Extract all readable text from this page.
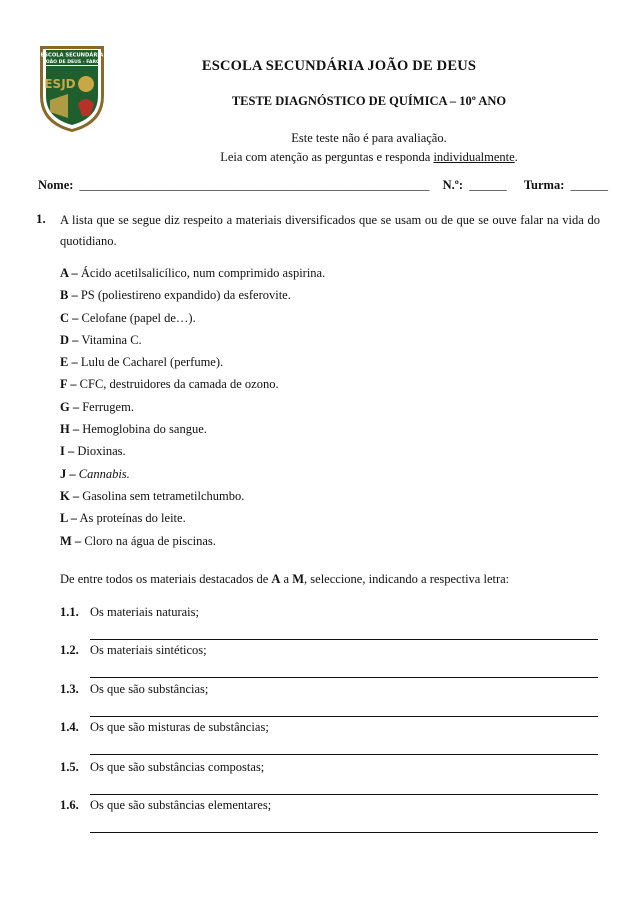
ESCOLA SECUNDÁRIA
JOÃO DE DEUS - FARO
ESJD
ESCOLA SECUNDÁRIA JOÃO DE DEUS
TESTE DIAGNÓSTICO DE QUÍMICA – 10º ANO
Este teste não é para avaliação.
Leia com atenção as perguntas e responda individualmente.
Nome: ________________________________________________________ N.º: ______ Turma: ______
1. A lista que se segue diz respeito a materiais diversificados que se usam ou de que se ouve falar na vida do quotidiano.
A – Ácido acetilsalicílico, num comprimido aspirina.
B – PS (poliestireno expandido) da esferovite.
C – Celofane (papel de…).
D – Vitamina C.
E – Lulu de Cacharel (perfume).
F – CFC, destruidores da camada de ozono.
G – Ferrugem.
H – Hemoglobina do sangue.
I – Dioxinas.
J – Cannabis.
K – Gasolina sem tetrametilchumbo.
L – As proteínas do leite.
M – Cloro na água de piscinas.
De entre todos os materiais destacados de A a M, seleccione, indicando a respectiva letra:
1.1. Os materiais naturais;
1.2. Os materiais sintéticos;
1.3. Os que são substâncias;
1.4. Os que são misturas de substâncias;
1.5. Os que são substâncias compostas;
1.6. Os que são substâncias elementares;
